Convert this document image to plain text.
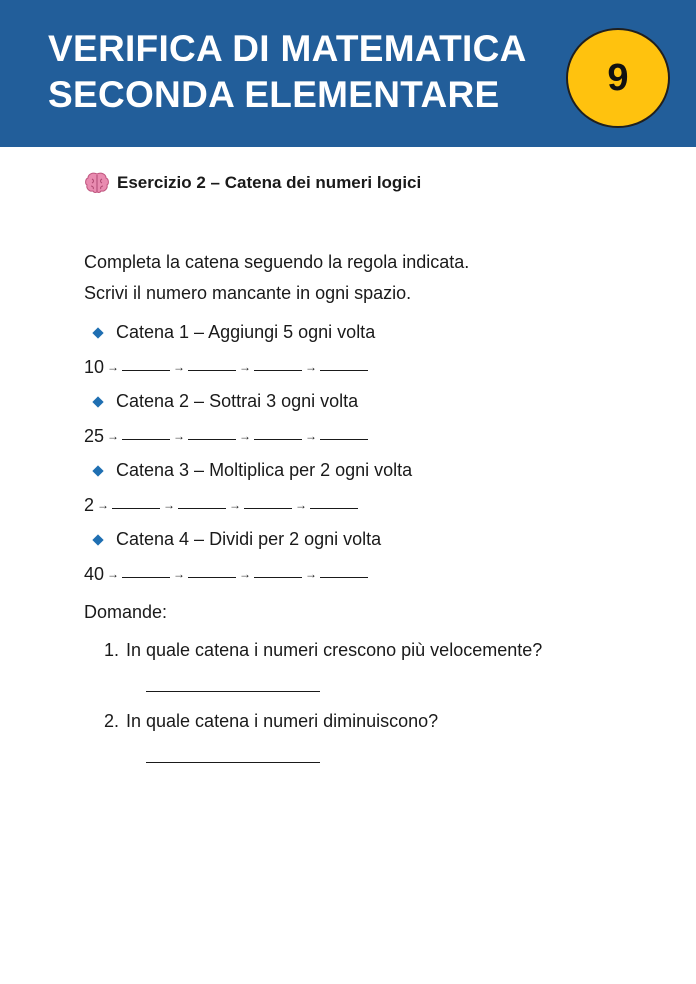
VERIFICA DI MATEMATICA
SECONDA ELEMENTARE	9
Esercizio 2 – Catena dei numeri logici
Completa la catena seguendo la regola indicata.
Scrivi il numero mancante in ogni spazio.
Catena 1 – Aggiungi 5 ogni volta
10 →	→	→	→
Catena 2 – Sottrai 3 ogni volta
25 →	→	→	→
Catena 3 – Moltiplica per 2 ogni volta
2 →	→	→	→
Catena 4 – Dividi per 2 ogni volta
40 →	→	→	→
Domande:
1. In quale catena i numeri crescono più velocemente?
2. In quale catena i numeri diminuiscono?
